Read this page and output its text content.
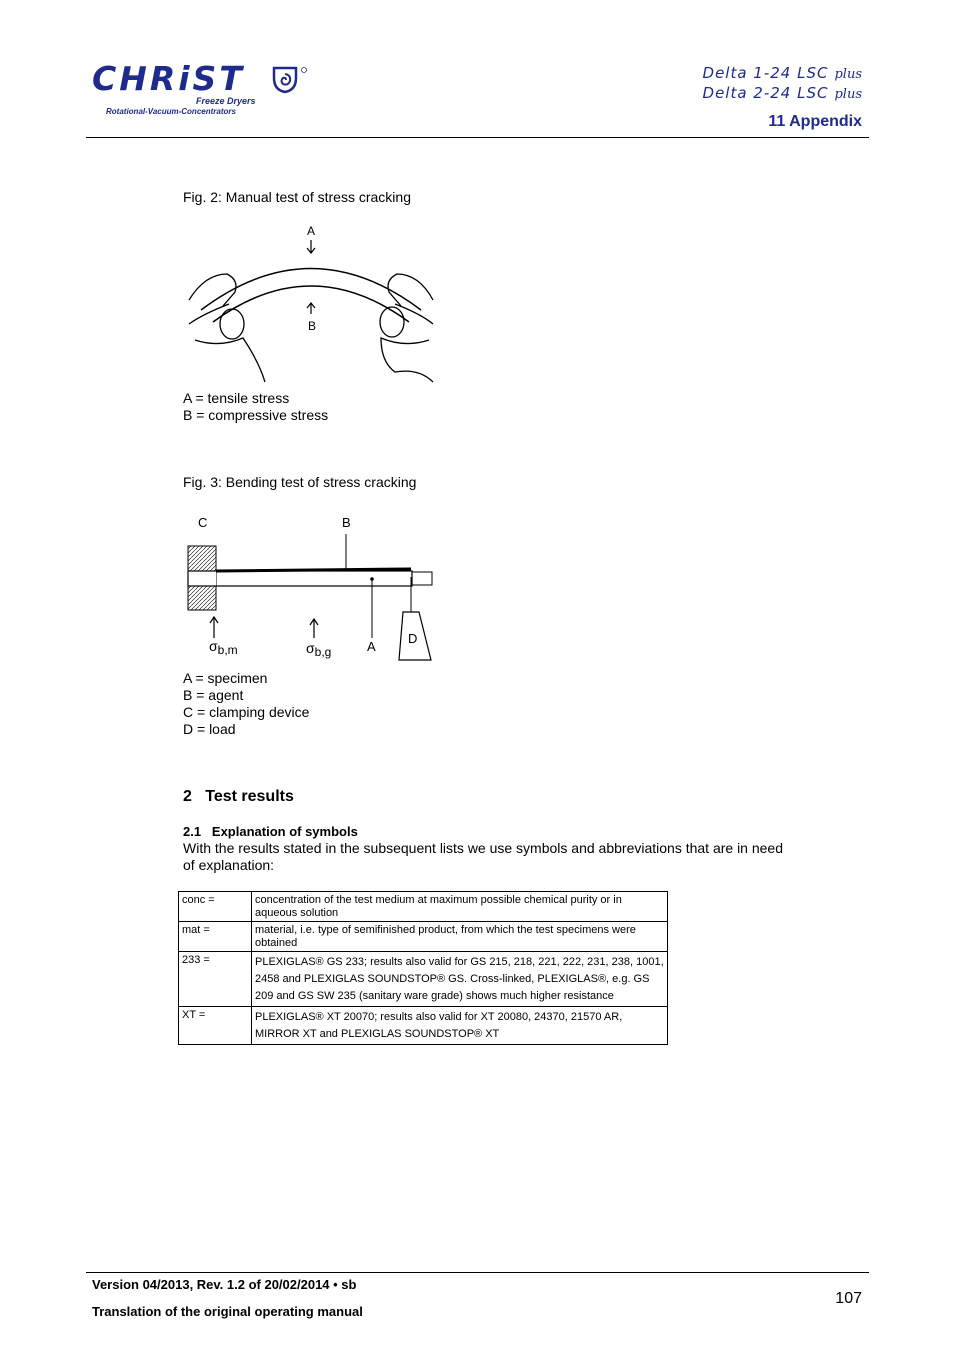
CHRiST
Freeze Dryers
Rotational-Vacuum-Concentrators
Delta 1-24 LSC plus
Delta 2-24 LSC plus
11 Appendix
Fig. 2: Manual test of stress cracking
A
B
A = tensile stress
B = compressive stress
Fig. 3: Bending test of stress cracking
C	B
A
D
σb,m	σb,g
A = specimen
B = agent
C = clamping device
D = load
2   Test results
2.1   Explanation of symbols
With the results stated in the subsequent lists we use symbols and abbreviations that are in need of explanation:
conc =	concentration of the test medium at maximum possible chemical purity or in aqueous solution
mat =	material, i.e. type of semifinished product, from which the test specimens were obtained
233 =	PLEXIGLAS® GS 233; results also valid for GS 215, 218, 221, 222, 231, 238, 1001, 2458 and PLEXIGLAS SOUNDSTOP® GS. Cross-linked, PLEXIGLAS®, e.g. GS 209 and GS SW 235 (sanitary ware grade) shows much higher resistance
XT =	PLEXIGLAS® XT 20070; results also valid for XT 20080, 24370, 21570 AR, MIRROR XT and PLEXIGLAS SOUNDSTOP® XT
Version 04/2013, Rev. 1.2 of 20/02/2014 • sb
Translation of the original operating manual
107
